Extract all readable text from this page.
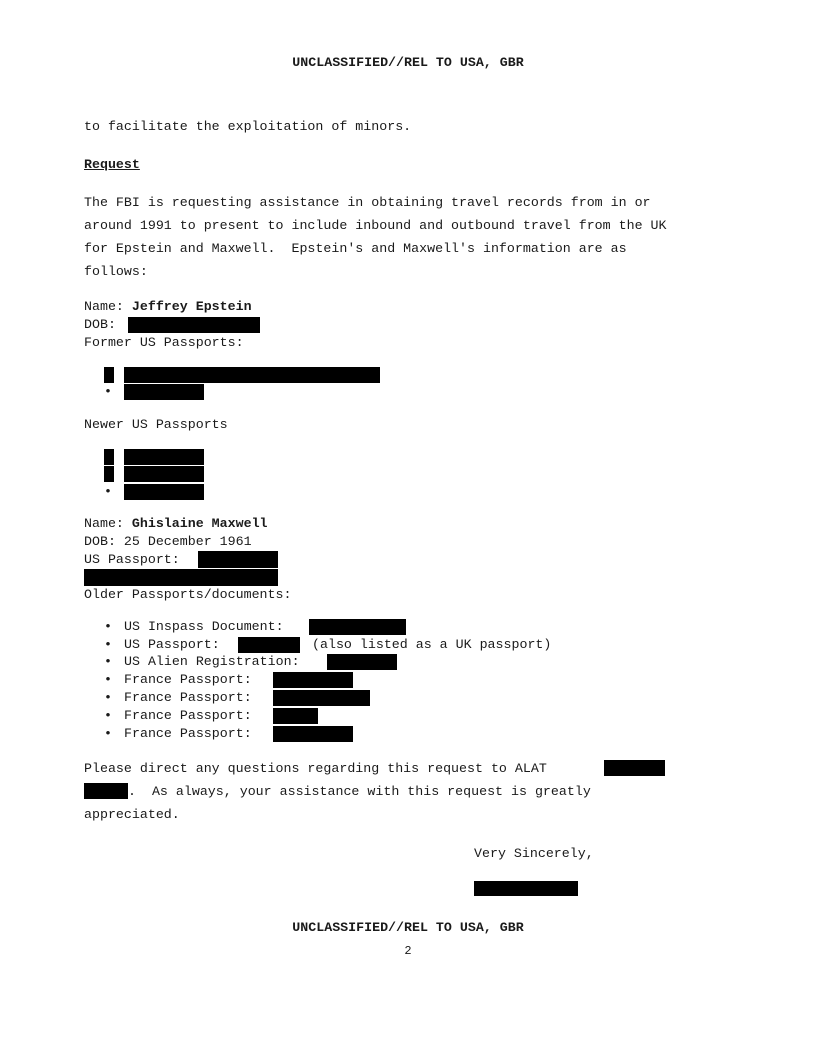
UNCLASSIFIED//REL TO USA, GBR
to facilitate the exploitation of minors.
Request
The FBI is requesting assistance in obtaining travel records from in or
around 1991 to present to include inbound and outbound travel from the UK
for Epstein and Maxwell.  Epstein's and Maxwell's information are as
follows:
Name: Jeffrey Epstein
DOB:
Former US Passports:
•
Newer US Passports
•
Name: Ghislaine Maxwell
DOB: 25 December 1961
US Passport:
Older Passports/documents:
• US Inspass Document:
• US Passport:	(also listed as a UK passport)
• US Alien Registration:
• France Passport:
• France Passport:
• France Passport:
• France Passport:
Please direct any questions regarding this request to ALAT
.  As always, your assistance with this request is greatly
appreciated.
Very Sincerely,
UNCLASSIFIED//REL TO USA, GBR
2
